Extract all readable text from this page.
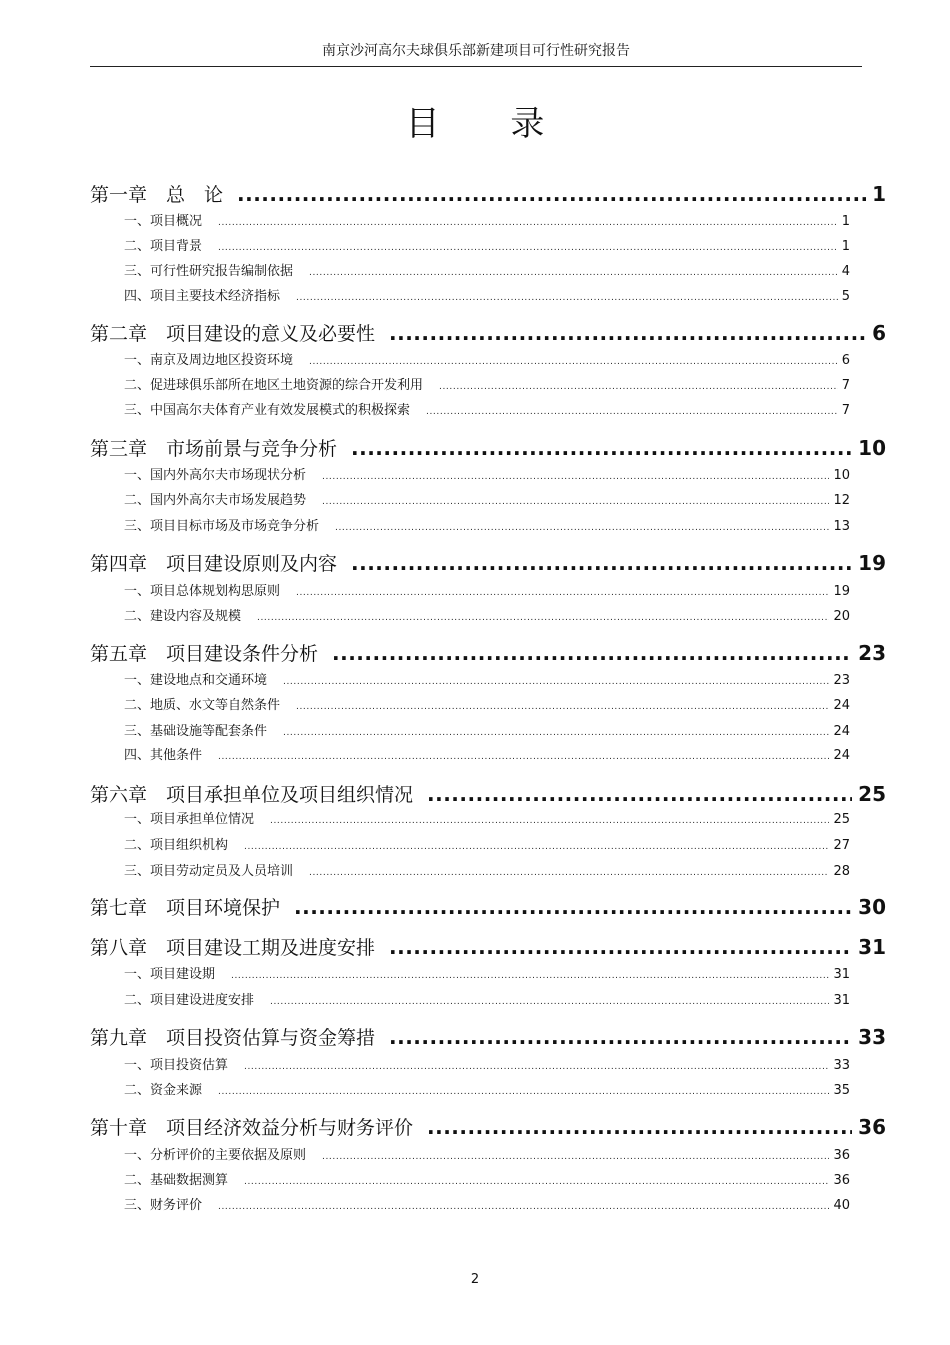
南京沙河高尔夫球俱乐部新建项目可行性研究报告
目 录
第一章　总　论 .....	1
一、项目概况 .....	1
二、项目背景 .....	1
三、可行性研究报告编制依据 .....	4
四、项目主要技术经济指标 .....	5
第二章　项目建设的意义及必要性 .....	6
一、南京及周边地区投资环境 .....	6
二、促进球俱乐部所在地区土地资源的综合开发利用 .....	7
三、中国高尔夫体育产业有效发展模式的积极探索 .....	7
第三章　市场前景与竞争分析 .....	10
一、国内外高尔夫市场现状分析 .....	10
二、国内外高尔夫市场发展趋势 .....	12
三、项目目标市场及市场竞争分析 .....	13
第四章　项目建设原则及内容 .....	19
一、项目总体规划构思原则 .....	19
二、建设内容及规模 .....	20
第五章　项目建设条件分析 .....	23
一、建设地点和交通环境 .....	23
二、地质、水文等自然条件 .....	24
三、基础设施等配套条件 .....	24
四、其他条件 .....	24
第六章　项目承担单位及项目组织情况 .....	25
一、项目承担单位情况 .....	25
二、项目组织机构 .....	27
三、项目劳动定员及人员培训 .....	28
第七章　项目环境保护 .....	30
第八章　项目建设工期及进度安排 .....	31
一、项目建设期 .....	31
二、项目建设进度安排 .....	31
第九章　项目投资估算与资金筹措 .....	33
一、项目投资估算 .....	33
二、资金来源 .....	35
第十章　项目经济效益分析与财务评价 .....	36
一、分析评价的主要依据及原则 .....	36
二、基础数据测算 .....	36
三、财务评价 .....	40
2
